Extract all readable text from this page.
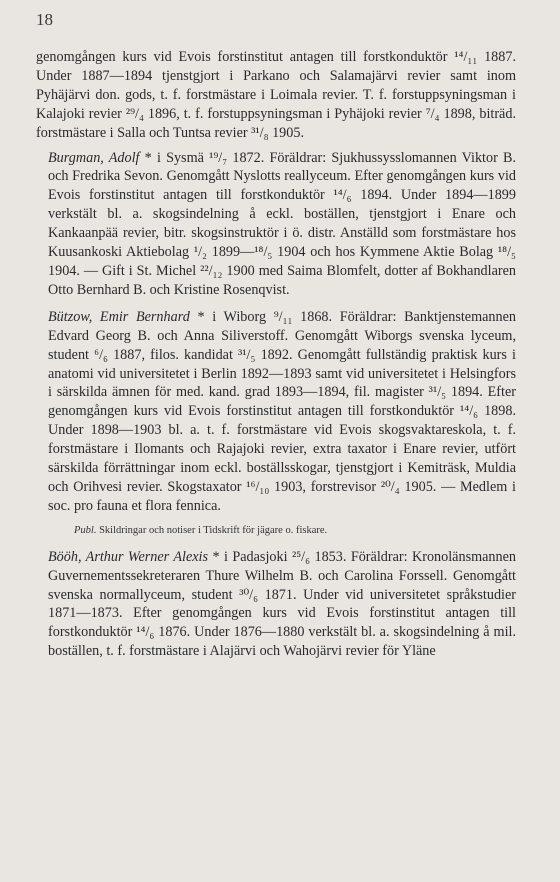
18

genomgången kurs vid Evois forstinstitut antagen till forstkonduktör ¹⁴/₁₁ 1887. Under 1887—1894 tjenstgjort i Parkano och Salamajärvi revier samt inom Pyhäjärvi don. gods, t. f. forstmästare i Loimala revier. T. f. forstuppsyningsman i Kalajoki revier ²⁹/₄ 1896, t. f. forstuppsyningsman i Pyhäjoki revier ⁷/₄ 1898, biträd. forstmästare i Salla och Tuntsa revier ³¹/₈ 1905.

Burgman, Adolf * i Sysmä ¹⁹/₇ 1872. Föräldrar: Sjukhussysslomannen Viktor B. och Fredrika Sevon. Genomgått Nyslotts reallyceum. Efter genomgången kurs vid Evois forstinstitut antagen till forstkonduktör ¹⁴/₆ 1894. Under 1894—1899 verkstält bl. a. skogsindelning å eckl. boställen, tjenstgjort i Enare och Kankaanpää revier, bitr. skogsinstruktör i ö. distr. Anställd som forstmästare hos Kuusankoski Aktiebolag ¹/₂ 1899—¹⁸/₅ 1904 och hos Kymmene Aktie Bolag ¹⁸/₅ 1904. — Gift i St. Michel ²²/₁₂ 1900 med Saima Blomfelt, dotter af Bokhandlaren Otto Bernhard B. och Kristine Rosenqvist.

Bützow, Emir Bernhard * i Wiborg ⁹/₁₁ 1868. Föräldrar: Banktjenstemannen Edvard Georg B. och Anna Siliverstoff. Genomgått Wiborgs svenska lyceum, student ⁶/₆ 1887, filos. kandidat ³¹/₅ 1892. Genomgått fullständig praktisk kurs i anatomi vid universitetet i Berlin 1892—1893 samt vid universitetet i Helsingfors i särskilda ämnen för med. kand. grad 1893—1894, fil. magister ³¹/₅ 1894. Efter genomgången kurs vid Evois forstinstitut antagen till forstkonduktör ¹⁴/₆ 1898. Under 1898—1903 bl. a. t. f. forstmästare vid Evois skogsvaktareskola, t. f. forstmästare i Ilomants och Rajajoki revier, extra taxator i Enare revier, utfört särskilda förrättningar inom eckl. boställsskogar, tjenstgjort i Kemiträsk, Muldia och Orihvesi revier. Skogstaxator ¹⁶/₁₀ 1903, forstrevisor ²⁰/₄ 1905. — Medlem i soc. pro fauna et flora fennica.

Publ. Skildringar och notiser i Tidskrift för jägare o. fiskare.

Bööh, Arthur Werner Alexis * i Padasjoki ²⁵/₆ 1853. Föräldrar: Kronolänsmannen Guvernementssekreteraren Thure Wilhelm B. och Carolina Forssell. Genomgått svenska normallyceum, student ³⁰/₆ 1871. Under vid universitetet språkstudier 1871—1873. Efter genomgången kurs vid Evois forstinstitut antagen till forstkonduktör ¹⁴/₆ 1876. Under 1876—1880 verkstält bl. a. skogsindelning å mil. boställen, t. f. forstmästare i Alajärvi och Wahojärvi revier för Yläne
